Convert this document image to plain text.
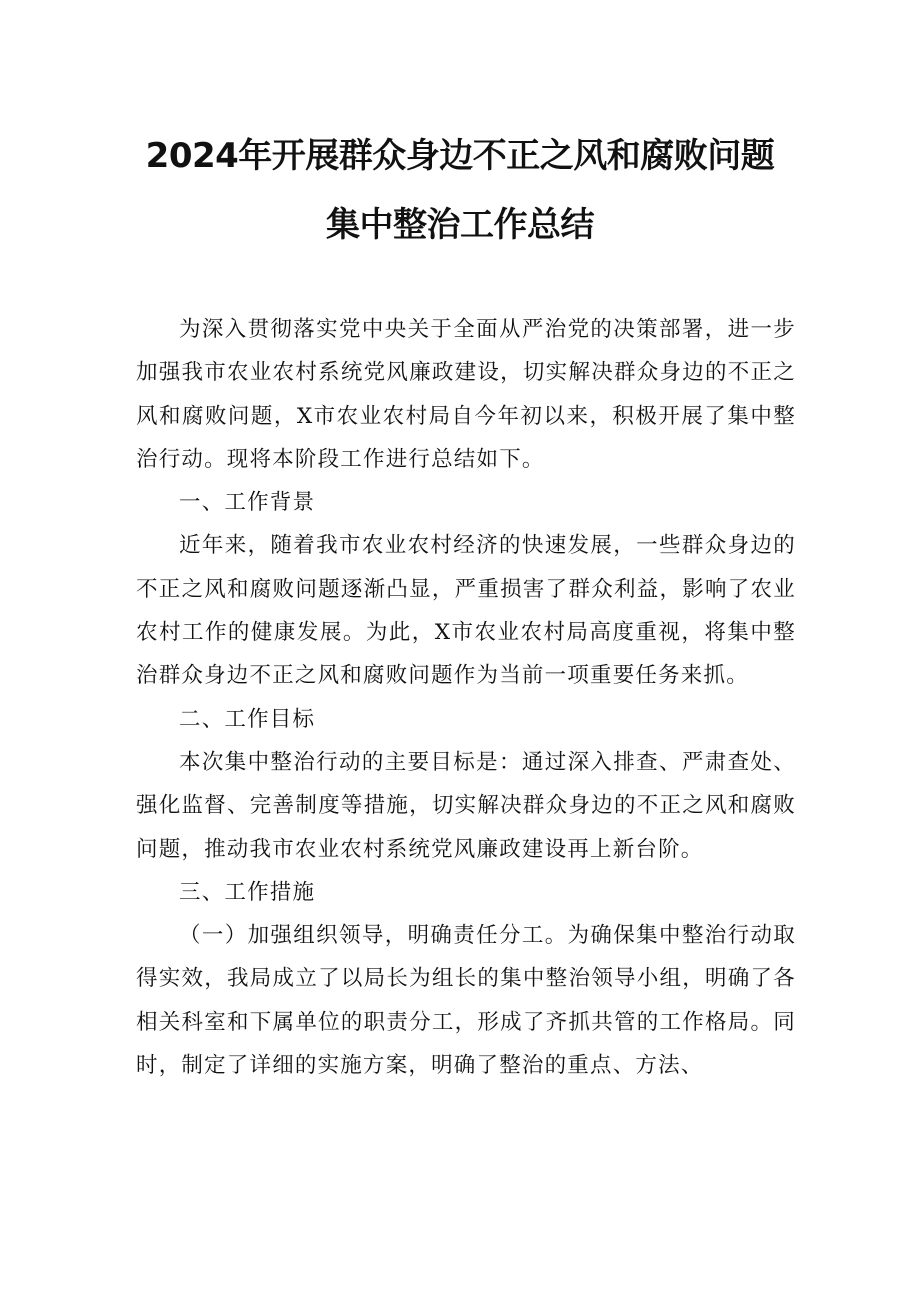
2024年开展群众身边不正之风和腐败问题
集中整治工作总结

为深入贯彻落实党中央关于全面从严治党的决策部署，进一步加强我市农业农村系统党风廉政建设，切实解决群众身边的不正之风和腐败问题，X市农业农村局自今年初以来，积极开展了集中整治行动。现将本阶段工作进行总结如下。

一、工作背景

近年来，随着我市农业农村经济的快速发展，一些群众身边的不正之风和腐败问题逐渐凸显，严重损害了群众利益，影响了农业农村工作的健康发展。为此，X市农业农村局高度重视，将集中整治群众身边不正之风和腐败问题作为当前一项重要任务来抓。

二、工作目标

本次集中整治行动的主要目标是：通过深入排查、严肃查处、强化监督、完善制度等措施，切实解决群众身边的不正之风和腐败问题，推动我市农业农村系统党风廉政建设再上新台阶。

三、工作措施

（一）加强组织领导，明确责任分工。为确保集中整治行动取得实效，我局成立了以局长为组长的集中整治领导小组，明确了各相关科室和下属单位的职责分工，形成了齐抓共管的工作格局。同时，制定了详细的实施方案，明确了整治的重点、方法、
